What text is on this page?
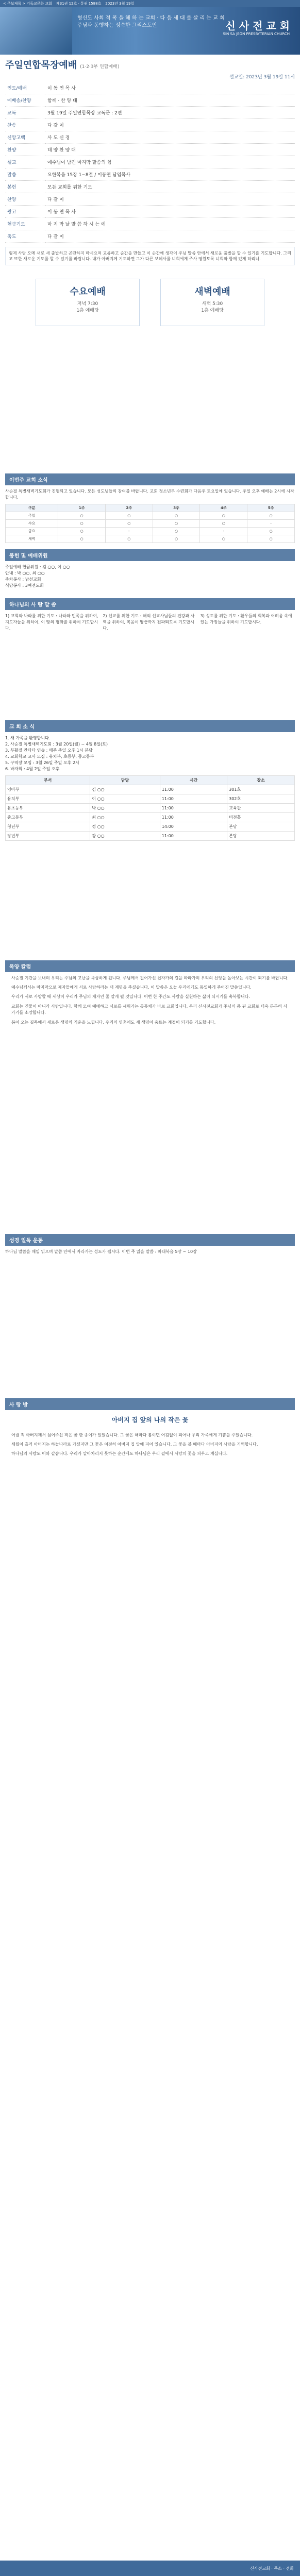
< 주보제목 > 기독교문화 교회 제31권 12호 · 통권 1588호 2023년 3월 19일
형신도 사회 적 폭 을 해 하 는 교회 · 다 음 세 대 를 살 리 는 교 회
주님과 동행하는 성숙한 그리스도인	신 사 전 교 회
SIN SA JEON PRESBYTERIAN CHURCH
주일연합목장예배 (1·2·3부 연합예배)
설교일: 2023년 3월 19일 11시
인도/예배	이 동 연 목 사
예배송/찬양	함께 · 찬 양 대
교독	3월 19일 주일연합목장 교독문 : 2편
찬송	다 같 이
신앙고백	사 도 신 경
찬양	태 양 찬 양 대
설교	예수님이 남긴 마지막 말씀의 힘
말씀	요한복음 15장 1~8절 / 이동연 담임목사
봉헌	모든 교회를 위한 기도
찬양	다 같 이
광고	이 동 연 목 사
헌금기도	마 지 막 날 말 씀 하 시 는 예
축도	다 같 이
형제 사랑 오메 새로 새 출발하고 곤란하지 마시요며 교류하고 순간을 만들고 이 순간에 생각이 주님 말씀 안에서 새로운 출발을 할 수 있기를 기도합니다. 그리고 또한 새로운 기도를 할 수 있기를 바랍니다. 내가 아버지께 기도하면 그가 다른 보혜사를 너희에게 주사 영원토록 너희와 함께 있게 하리니.
수요예배
저녁 7:30
1층 예배당
새벽예배
새벽 5:30
1층 예배당
이번주 교회 소식
사순절 특별새벽기도회가 진행되고 있습니다. 모든 성도님들의 참여를 바랍니다. 교회 청소년부 수련회가 다음주 토요일에 있습니다. 주일 오후 예배는 2시에 시작합니다.
구분	1주	2주	3주	4주	5주
주일	○	○	○	○	○
수요	○	○	○	○	-
금요	○	-	○	-	○
새벽	○	○	○	○	○
봉헌 및 예배위원
주일예배 헌금위원 : 김 ○○, 이 ○○
안내 : 박 ○○, 최 ○○
주차봉사 : 남선교회
식당봉사 : 3여전도회
하나님의 사 랑 말 씀
1) 교회와 나라를 위한 기도 : 나라와 민족을 위하여, 지도자들을 위하여, 이 땅의 평화를 위하여 기도합시다.
2) 선교를 위한 기도 : 해외 선교사님들의 건강과 사역을 위하여, 복음이 땅끝까지 전파되도록 기도합시다.
3) 성도를 위한 기도 : 환우들의 회복과 어려움 속에 있는 가정들을 위하여 기도합시다.
교 회 소 식
1. 새 가족을 환영합니다.
2. 사순절 특별새벽기도회 : 3월 20일(월) ~ 4월 8일(토)
3. 부활절 칸타타 연습 : 매주 주일 오후 1시 본당
4. 교회학교 교사 모집 : 유치부, 초등부, 중고등부
5. 구역장 모임 : 3월 26일 주일 오후 2시
6. 바자회 : 4월 2일 주일 오후
부서	담당	시간	장소
영아부	김 ○○	11:00	301호
유치부	이 ○○	11:00	302호
유초등부	박 ○○	11:00	교육관
중고등부	최 ○○	11:00	비전홀
청년부	정 ○○	14:00	본당
장년부	강 ○○	11:00	본당
목양 칼럼

사순절 기간을 보내며 우리는 주님의 고난을 묵상하게 됩니다. 주님께서 걸어가신 십자가의 길을 따라가며 우리의 신앙을 돌아보는 시간이 되기를 바랍니다.

예수님께서는 마지막으로 제자들에게 서로 사랑하라는 새 계명을 주셨습니다. 이 말씀은 오늘 우리에게도 동일하게 주어진 말씀입니다.

우리가 서로 사랑할 때 세상이 우리가 주님의 제자인 줄 알게 될 것입니다. 이번 한 주간도 사랑을 실천하는 삶이 되시기를 축복합니다.

교회는 건물이 아니라 사람입니다. 함께 모여 예배하고 서로를 세워가는 공동체가 바로 교회입니다. 우리 신사전교회가 주님의 몸 된 교회로 더욱 든든히 서 가기를 소망합니다.

봄이 오는 길목에서 새로운 생명의 기운을 느낍니다. 우리의 영혼에도 새 생명이 움트는 계절이 되기를 기도합니다.

성경 일독 운동
하나님 말씀을 매일 읽으며 말씀 안에서 자라가는 성도가 됩시다. 이번 주 읽을 말씀 : 마태복음 5장 ~ 10장
사 랑 방
아버지 집 앞의 나의 작은 꽃

어릴 적 아버지께서 심어주신 작은 꽃 한 송이가 있었습니다. 그 꽃은 해마다 봄이면 어김없이 피어나 우리 가족에게 기쁨을 주었습니다.

세월이 흘러 아버지는 하늘나라로 가셨지만 그 꽃은 여전히 아버지 집 앞에 피어 있습니다. 그 꽃을 볼 때마다 아버지의 사랑을 기억합니다.

하나님의 사랑도 이와 같습니다. 우리가 알아차리지 못하는 순간에도 하나님은 우리 곁에서 사랑의 꽃을 피우고 계십니다.

신사전교회 · 주소 · 전화
